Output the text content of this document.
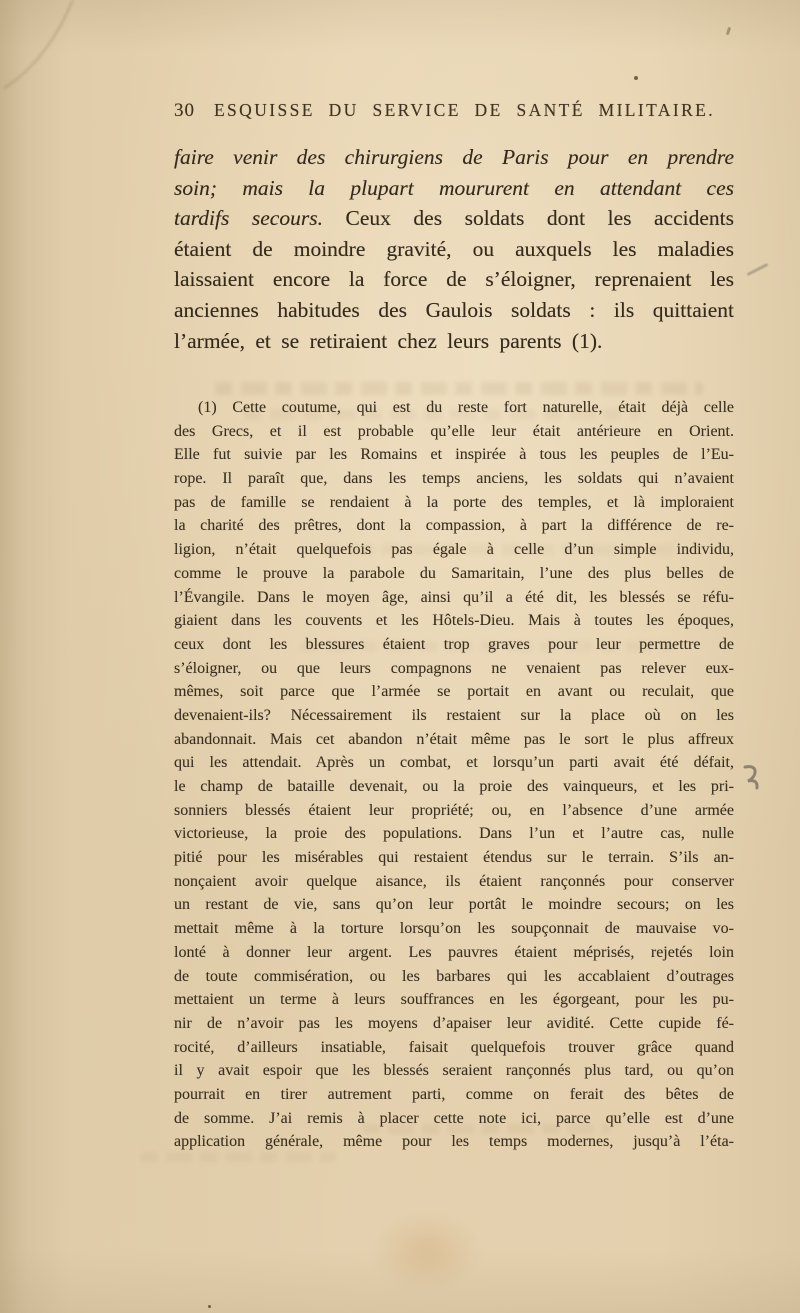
30	ESQUISSE DU SERVICE DE SANTÉ MILITAIRE.
faire venir des chirurgiens de Paris pour en prendre
soin; mais la plupart moururent en attendant ces
tardifs secours. Ceux des soldats dont les accidents
étaient de moindre gravité, ou auxquels les maladies
laissaient encore la force de s’éloigner, reprenaient les
anciennes habitudes des Gaulois soldats : ils quittaient
l’armée, et se retiraient chez leurs parents (1).
(1) Cette coutume, qui est du reste fort naturelle, était déjà celle
des Grecs, et il est probable qu’elle leur était antérieure en Orient.
Elle fut suivie par les Romains et inspirée à tous les peuples de l’Eu-
rope. Il paraît que, dans les temps anciens, les soldats qui n’avaient
pas de famille se rendaient à la porte des temples, et là imploraient
la charité des prêtres, dont la compassion, à part la différence de re-
ligion, n’était quelquefois pas égale à celle d’un simple individu,
comme le prouve la parabole du Samaritain, l’une des plus belles de
l’Évangile. Dans le moyen âge, ainsi qu’il a été dit, les blessés se réfu-
giaient dans les couvents et les Hôtels-Dieu. Mais à toutes les époques,
ceux dont les blessures étaient trop graves pour leur permettre de
s’éloigner, ou que leurs compagnons ne venaient pas relever eux-
mêmes, soit parce que l’armée se portait en avant ou reculait, que
devenaient-ils? Nécessairement ils restaient sur la place où on les
abandonnait. Mais cet abandon n’était même pas le sort le plus affreux
qui les attendait. Après un combat, et lorsqu’un parti avait été défait,
le champ de bataille devenait, ou la proie des vainqueurs, et les pri-
sonniers blessés étaient leur propriété; ou, en l’absence d’une armée
victorieuse, la proie des populations. Dans l’un et l’autre cas, nulle
pitié pour les misérables qui restaient étendus sur le terrain. S’ils an-
nonçaient avoir quelque aisance, ils étaient rançonnés pour conserver
un restant de vie, sans qu’on leur portât le moindre secours; on les
mettait même à la torture lorsqu’on les soupçonnait de mauvaise vo-
lonté à donner leur argent. Les pauvres étaient méprisés, rejetés loin
de toute commisération, ou les barbares qui les accablaient d’outrages
mettaient un terme à leurs souffrances en les égorgeant, pour les pu-
nir de n’avoir pas les moyens d’apaiser leur avidité. Cette cupide fé-
rocité, d’ailleurs insatiable, faisait quelquefois trouver grâce quand
il y avait espoir que les blessés seraient rançonnés plus tard, ou qu’on
pourrait en tirer autrement parti, comme on ferait des bêtes de
de somme. J’ai remis à placer cette note ici, parce qu’elle est d’une
application générale, même pour les temps modernes, jusqu’à l’éta-
